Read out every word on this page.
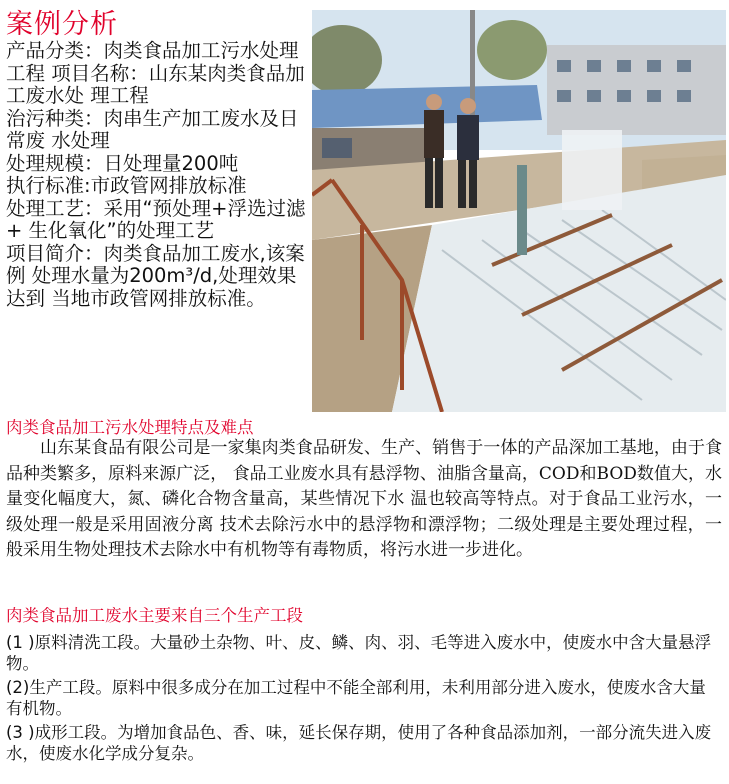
案例分析

产品分类：肉类食品加工污水处理工程 项目名称：山东某肉类食品加工废水处 理工程

治污种类：肉串生产加工废水及日常废 水处理

处理规模：日处理量200吨

执行标准:市政管网排放标准

处理工艺：采用“预处理+浮选过滤+ 生化氧化”的处理工艺

项目简介：肉类食品加工废水,该案例 处理水量为200m³/d,处理效果达到 当地市政管网排放标准。

肉类食品加工污水处理特点及难点

山东某食品有限公司是一家集肉类食品研发、生产、销售于一体的产品深加工基地，由于食品种类繁多，原料来源广泛， 食品工业废水具有悬浮物、油脂含量高，COD和BOD数值大，水量变化幅度大，氮、磷化合物含量高，某些情况下水 温也较高等特点。对于食品工业污水，一级处理一般是采用固液分离 技术去除污水中的悬浮物和漂浮物；二级处理是主要处理过程，一般采用生物处理技术去除水中有机物等有毒物质，将污水进一步进化。

肉类食品加工废水主要来自三个生产工段

(1 )原料清洗工段。大量砂土杂物、叶、皮、鳞、肉、羽、毛等进入废水中，使废水中含大量悬浮物。

(2)生产工段。原料中很多成分在加工过程中不能全部利用，未利用部分进入废水，使废水含大量有机物。

(3 )成形工段。为增加食品色、香、味，延长保存期，使用了各种食品添加剂，一部分流失进入废水，使废水化学成分复杂。
